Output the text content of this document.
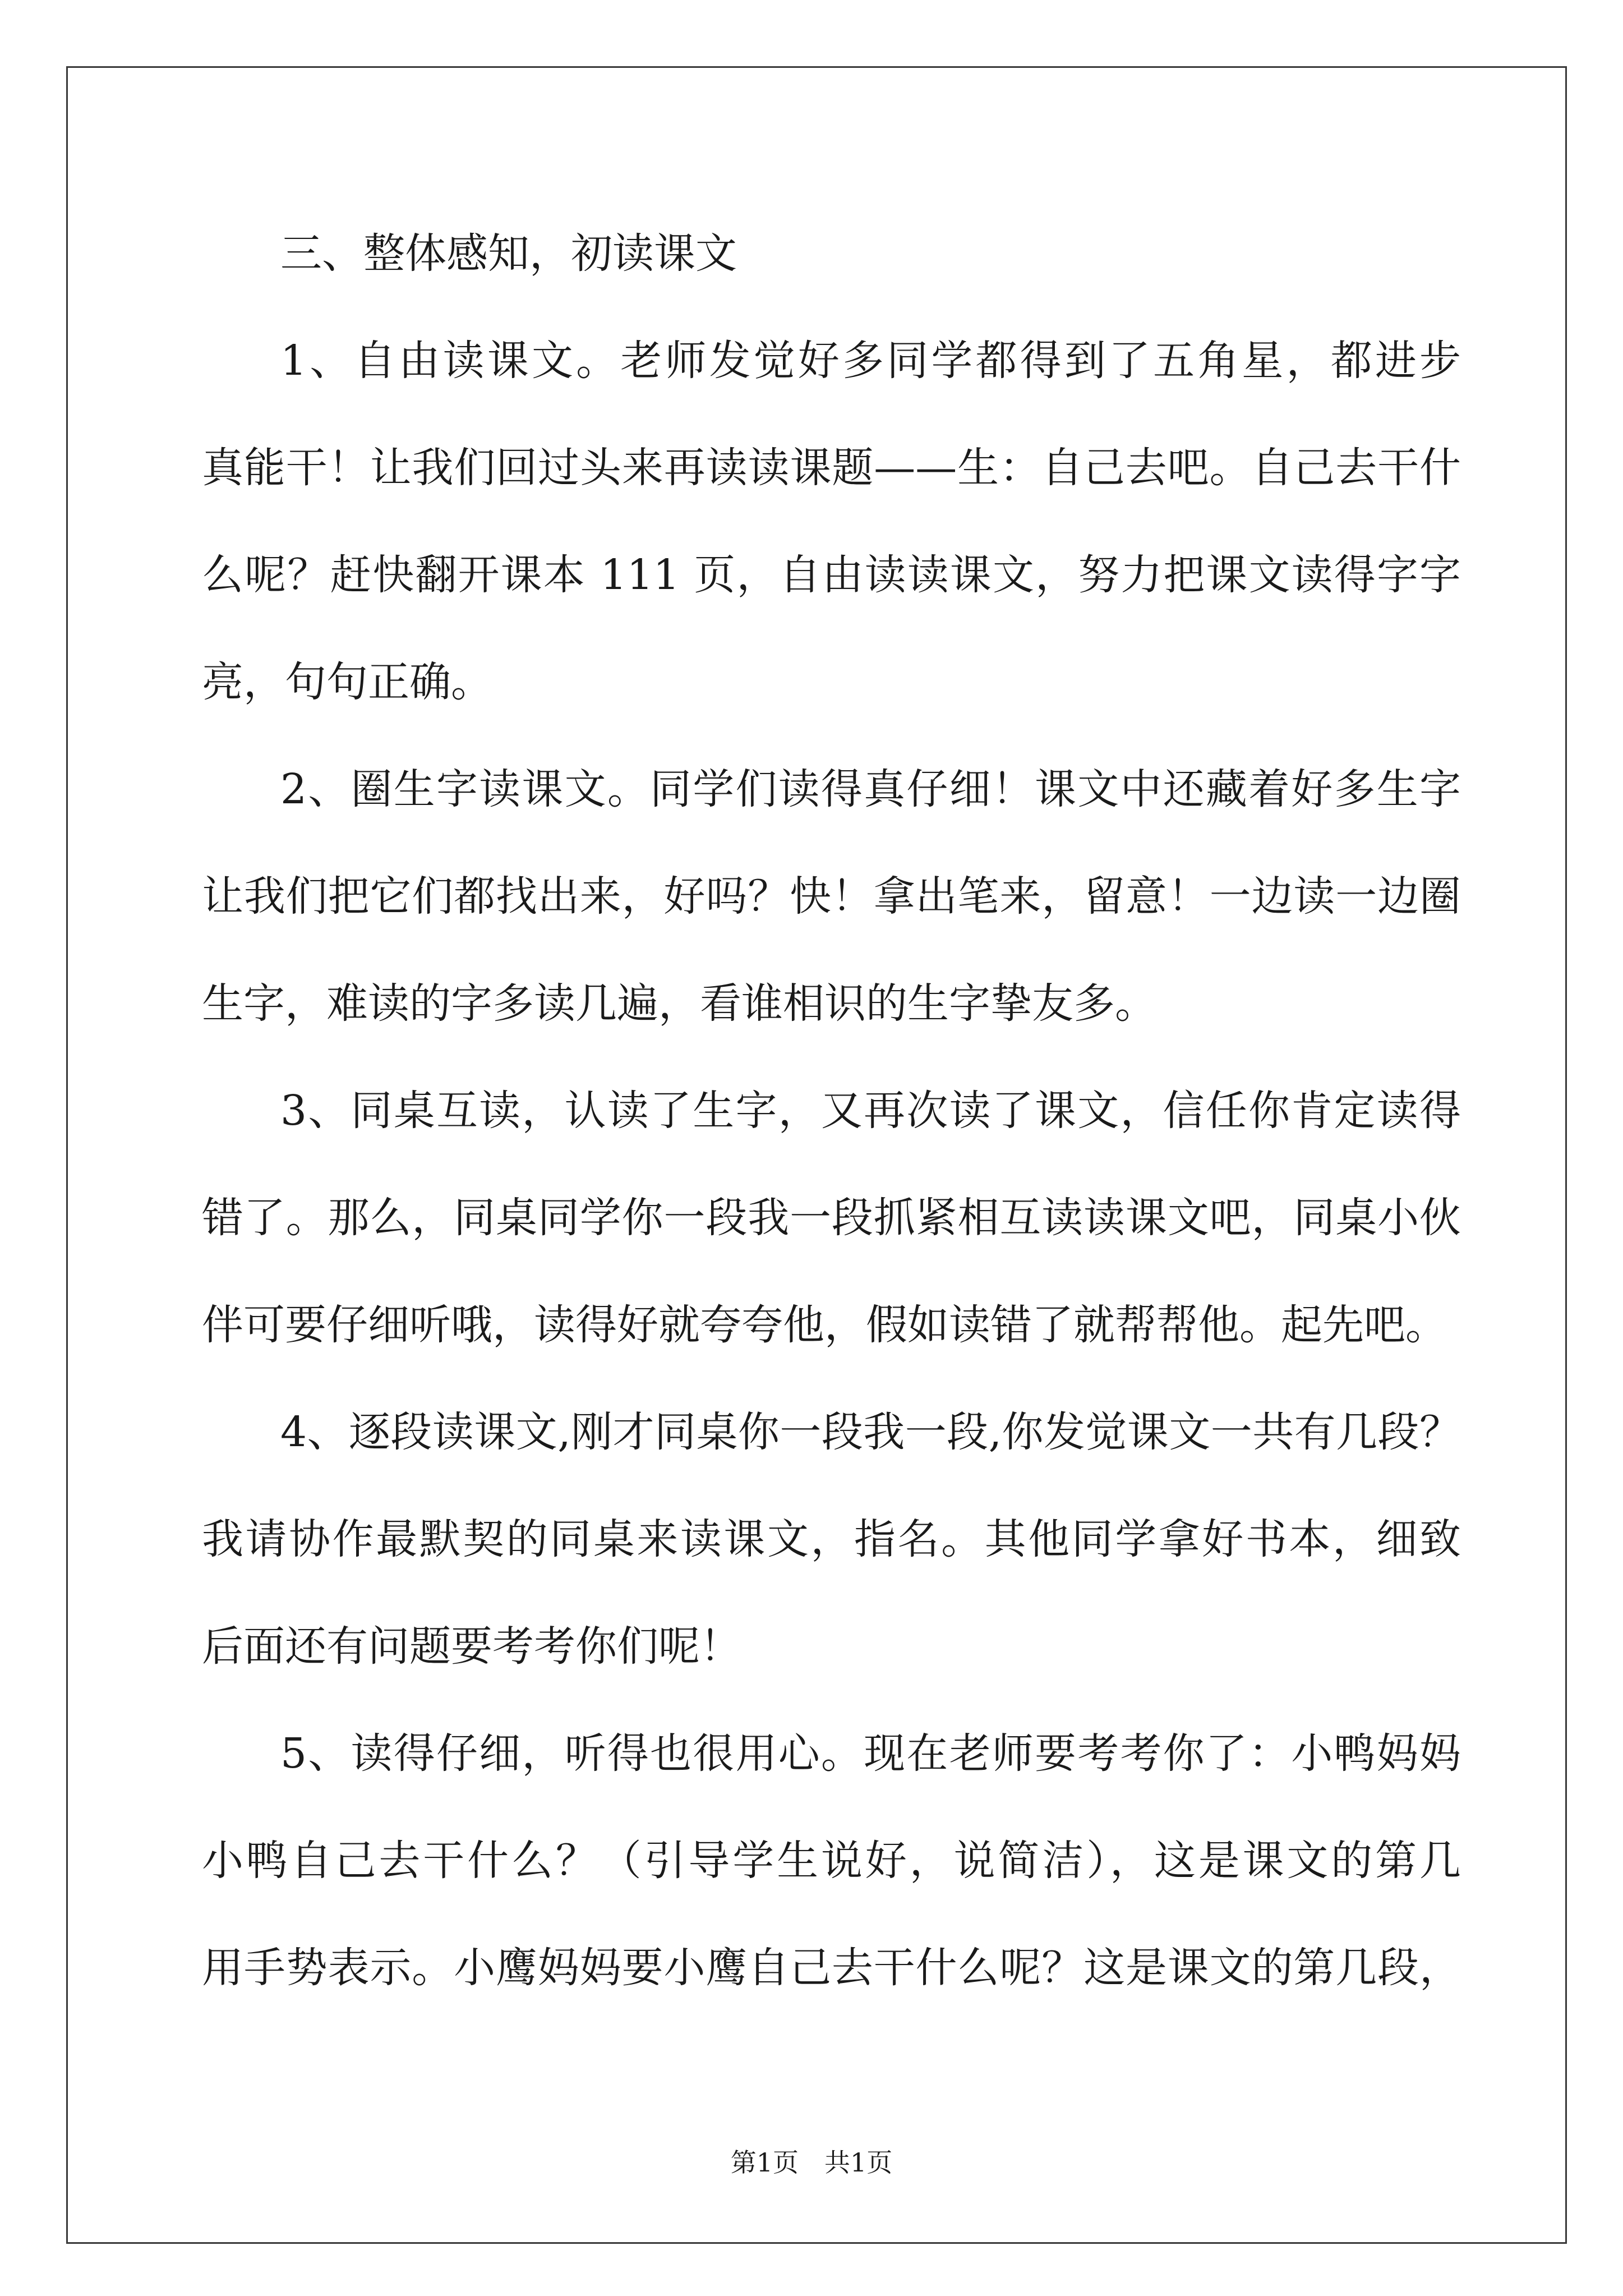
三、整体感知，初读课文
1、自由读课文。老师发觉好多同学都得到了五角星，都进步
真能干！让我们回过头来再读读课题——生：自己去吧。自己去干什
么呢？赶快翻开课本 111 页，自由读读课文，努力把课文读得字字
亮，句句正确。
2、圈生字读课文。同学们读得真仔细！课文中还藏着好多生字
让我们把它们都找出来，好吗？快！拿出笔来，留意！一边读一边圈
生字，难读的字多读几遍，看谁相识的生字挚友多。
3、同桌互读，认读了生字，又再次读了课文，信任你肯定读得
错了。那么，同桌同学你一段我一段抓紧相互读读课文吧，同桌小伙
伴可要仔细听哦，读得好就夸夸他，假如读错了就帮帮他。起先吧。
4、逐段读课文,刚才同桌你一段我一段,你发觉课文一共有几段？
我请协作最默契的同桌来读课文，指名。其他同学拿好书本，细致
后面还有问题要考考你们呢！
5、读得仔细，听得也很用心。现在老师要考考你了：小鸭妈妈
小鸭自己去干什么？（引导学生说好，说简洁），这是课文的第几
用手势表示。小鹰妈妈要小鹰自己去干什么呢？这是课文的第几段，
第1页　共1页
